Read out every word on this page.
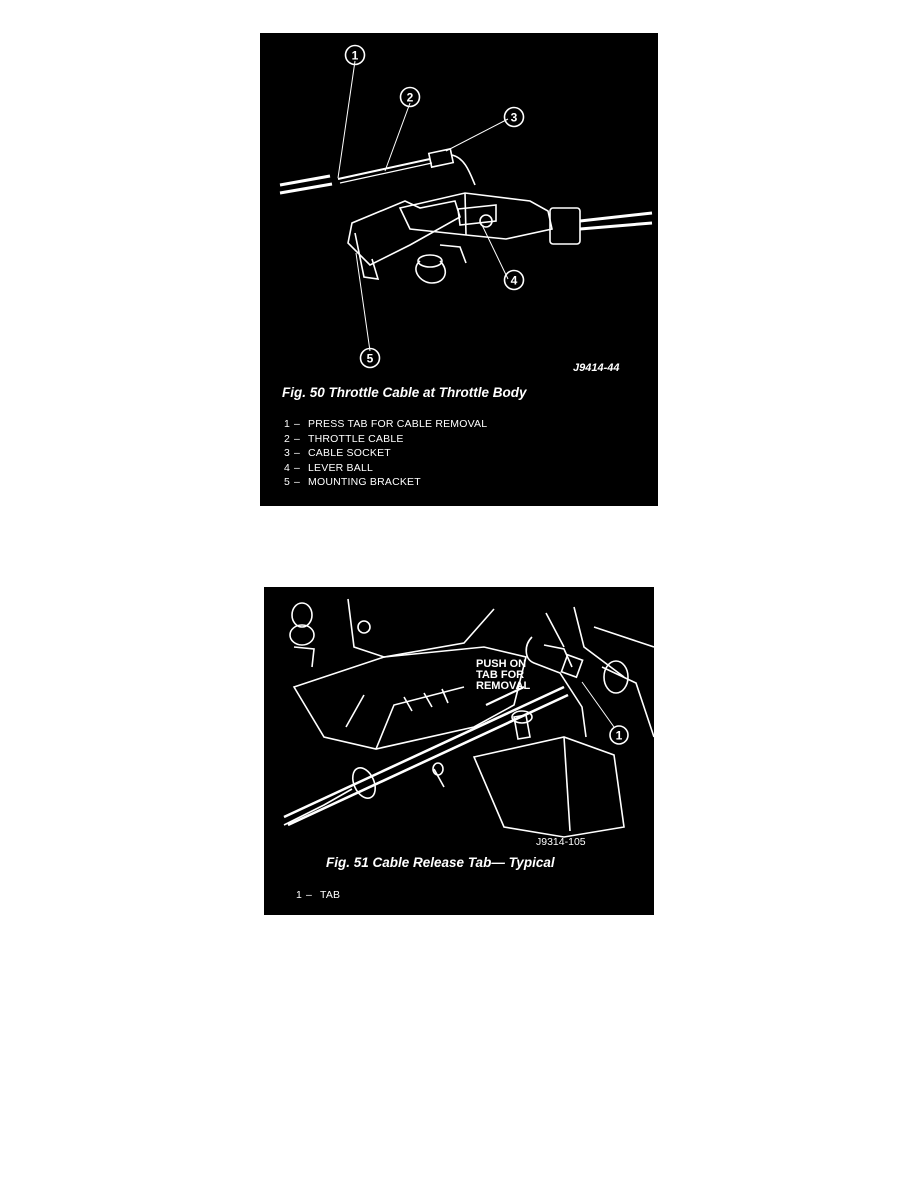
1
2
3
4
5
J9414-44
Fig. 50 Throttle Cable at Throttle Body
1 – PRESS TAB FOR CABLE REMOVAL
2 – THROTTLE CABLE
3 – CABLE SOCKET
4 – LEVER BALL
5 – MOUNTING BRACKET
1
PUSH ON
TAB FOR
REMOVAL
J9314-105
Fig. 51 Cable Release Tab— Typical
1 – TAB
